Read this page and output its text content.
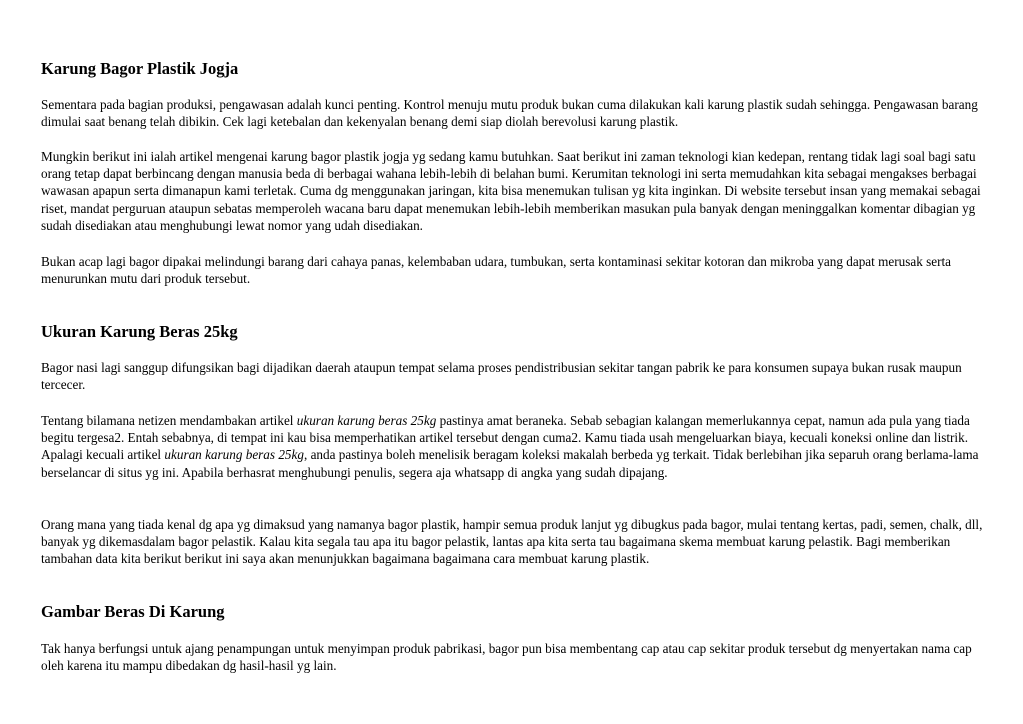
Karung Bagor Plastik Jogja

Sementara pada bagian produksi, pengawasan adalah kunci penting. Kontrol menuju mutu produk bukan cuma dilakukan kali karung plastik sudah sehingga. Pengawasan barang dimulai saat benang telah dibikin. Cek lagi ketebalan dan kekenyalan benang demi siap diolah berevolusi karung plastik.

Mungkin berikut ini ialah artikel mengenai karung bagor plastik jogja yg sedang kamu butuhkan. Saat berikut ini zaman teknologi kian kedepan, rentang tidak lagi soal bagi satu orang tetap dapat berbincang dengan manusia beda di berbagai wahana lebih-lebih di belahan bumi. Kerumitan teknologi ini serta memudahkan kita sebagai mengakses berbagai wawasan apapun serta dimanapun kami terletak. Cuma dg menggunakan jaringan, kita bisa menemukan tulisan yg kita inginkan. Di website tersebut insan yang memakai sebagai riset, mandat perguruan ataupun sebatas memperoleh wacana baru dapat menemukan lebih-lebih memberikan masukan pula banyak dengan meninggalkan komentar dibagian yg sudah disediakan atau menghubungi lewat nomor yang udah disediakan.

Bukan acap lagi bagor dipakai melindungi barang dari cahaya panas, kelembaban udara, tumbukan, serta kontaminasi sekitar kotoran dan mikroba yang dapat merusak serta menurunkan mutu dari produk tersebut.

Ukuran Karung Beras 25kg

Bagor nasi lagi sanggup difungsikan bagi dijadikan daerah ataupun tempat selama proses pendistribusian sekitar tangan pabrik ke para konsumen supaya bukan rusak maupun tercecer.

Tentang bilamana netizen mendambakan artikel ukuran karung beras 25kg pastinya amat beraneka. Sebab sebagian kalangan memerlukannya cepat, namun ada pula yang tiada begitu tergesa2. Entah sebabnya, di tempat ini kau bisa memperhatikan artikel tersebut dengan cuma2. Kamu tiada usah mengeluarkan biaya, kecuali koneksi online dan listrik. Apalagi kecuali artikel ukuran karung beras 25kg, anda pastinya boleh menelisik beragam koleksi makalah berbeda yg terkait. Tidak berlebihan jika separuh orang berlama-lama berselancar di situs yg ini. Apabila berhasrat menghubungi penulis, segera aja whatsapp di angka yang sudah dipajang.

Orang mana yang tiada kenal dg apa yg dimaksud yang namanya bagor plastik, hampir semua produk lanjut yg dibugkus pada bagor, mulai tentang kertas, padi, semen, chalk, dll, banyak yg dikemasdalam bagor pelastik. Kalau kita segala tau apa itu bagor pelastik, lantas apa kita serta tau bagaimana skema membuat karung pelastik. Bagi memberikan tambahan data kita berikut berikut ini saya akan menunjukkan bagaimana bagaimana cara membuat karung plastik.

Gambar Beras Di Karung

Tak hanya berfungsi untuk ajang penampungan untuk menyimpan produk pabrikasi, bagor pun bisa membentang cap atau cap sekitar produk tersebut dg menyertakan nama cap oleh karena itu mampu dibedakan dg hasil-hasil yg lain.
